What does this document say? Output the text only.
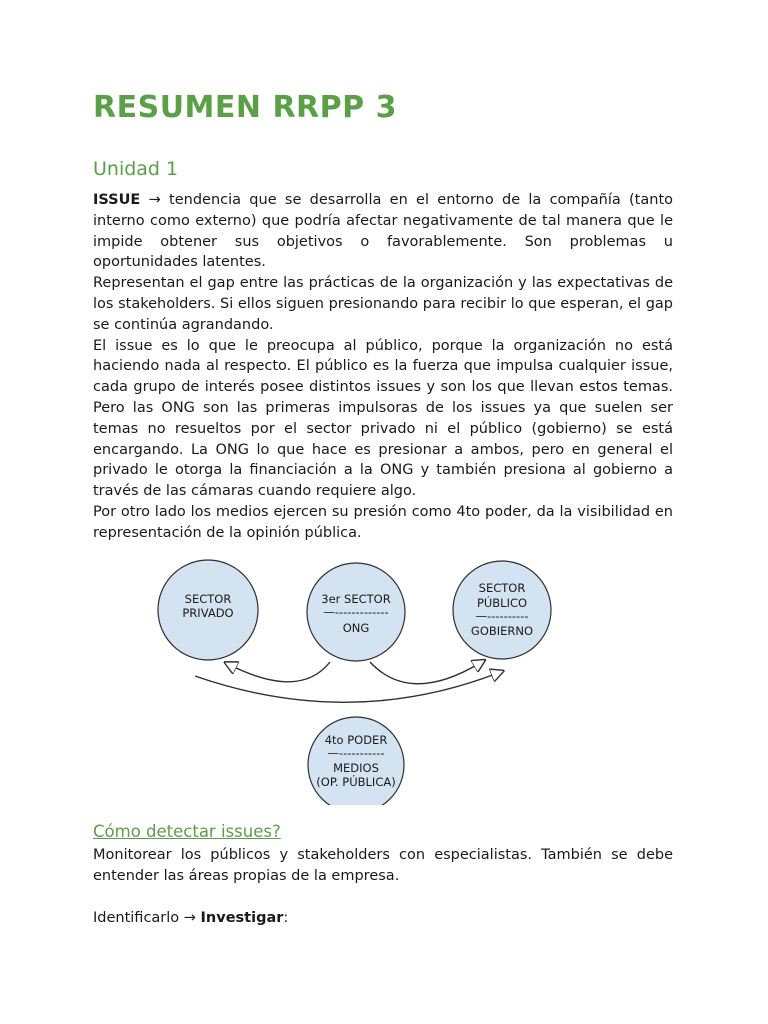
RESUMEN RRPP 3
Unidad 1

ISSUE → tendencia que se desarrolla en el entorno de la compañía (tanto interno como externo) que podría afectar negativamente de tal manera que le impide obtener sus objetivos o favorablemente. Son problemas u oportunidades latentes.

Representan el gap entre las prácticas de la organización y las expectativas de los stakeholders. Si ellos siguen presionando para recibir lo que esperan, el gap se continúa agrandando.

El issue es lo que le preocupa al público, porque la organización no está haciendo nada al respecto. El público es la fuerza que impulsa cualquier issue, cada grupo de interés posee distintos issues y son los que llevan estos temas. Pero las ONG son las primeras impulsoras de los issues ya que suelen ser temas no resueltos por el sector privado ni el público (gobierno) se está encargando. La ONG lo que hace es presionar a ambos, pero en general el privado le otorga la financiación a la ONG y también presiona al gobierno a través de las cámaras cuando requiere algo.

Por otro lado los medios ejercen su presión como 4to poder, da la visibilidad en representación de la opinión pública.

SECTOR
PRIVADO
3er SECTOR
—-------------
ONG
SECTOR
PÚBLICO
—----------
GOBIERNO
4to PODER
—-----------
MEDIOS
(OP. PÚBLICA)
Cómo detectar issues?

Monitorear los públicos y stakeholders con especialistas. También se debe entender las áreas propias de la empresa.

Identificarlo → Investigar:
